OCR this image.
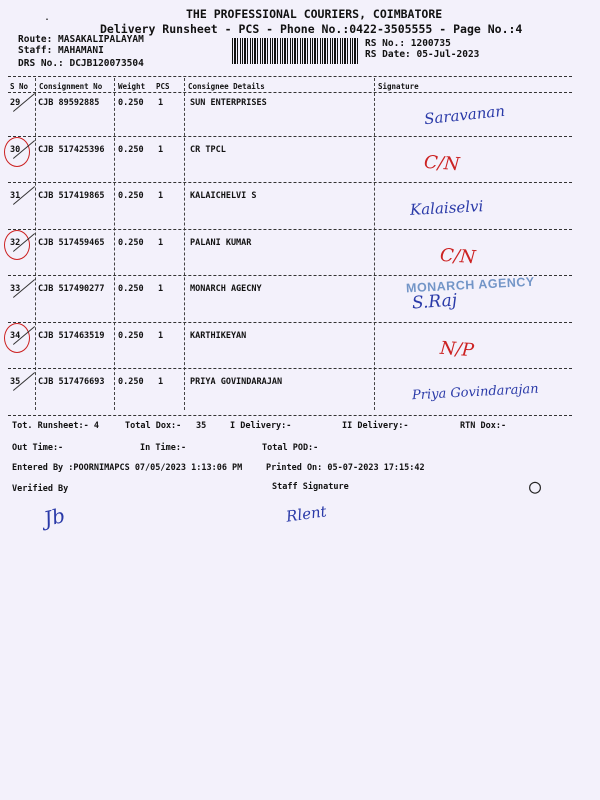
.	THE PROFESSIONAL COURIERS, COIMBATORE
Delivery Runsheet - PCS - Phone No.:0422-3505555 - Page No.:4
Route: MASAKALIPALAYAM
Staff: MAHAMANI
DRS No.: DCJB120073504
RS No.: 1200735
RS Date: 05-Jul-2023
S No Consignment No Weight PCS Consignee Details	Signature
29 CJB 89592885 0.250 1	SUN ENTERPRISES	Saravanan
30 CJB 517425396 0.250 1	CR TPCL
C/N
31 CJB 517419865 0.250 1	KALAICHELVI S
Kalaiselvi
32 CJB 517459465 0.250 1	PALANI KUMAR
C/N
33 CJB 517490277 0.250 1	MONARCH AGECNY	MONARCH AGENCY
S.Raj
34 CJB 517463519 0.250 1	KARTHIKEYAN
N/P
35 CJB 517476693 0.250 1	PRIYA GOVINDARAJAN	Priya Govindarajan
Tot. Runsheet:- 4	Total Dox:- 35	I Delivery:-	II Delivery:-	RTN Dox:-
Out Time:-	In Time:-	Total POD:-
Entered By :POORNIMAPCS 07/05/2023 1:13:06 PM	Printed On: 05-07-2023 17:15:42
Verified By	Staff Signature	○
Jb	Rlent
